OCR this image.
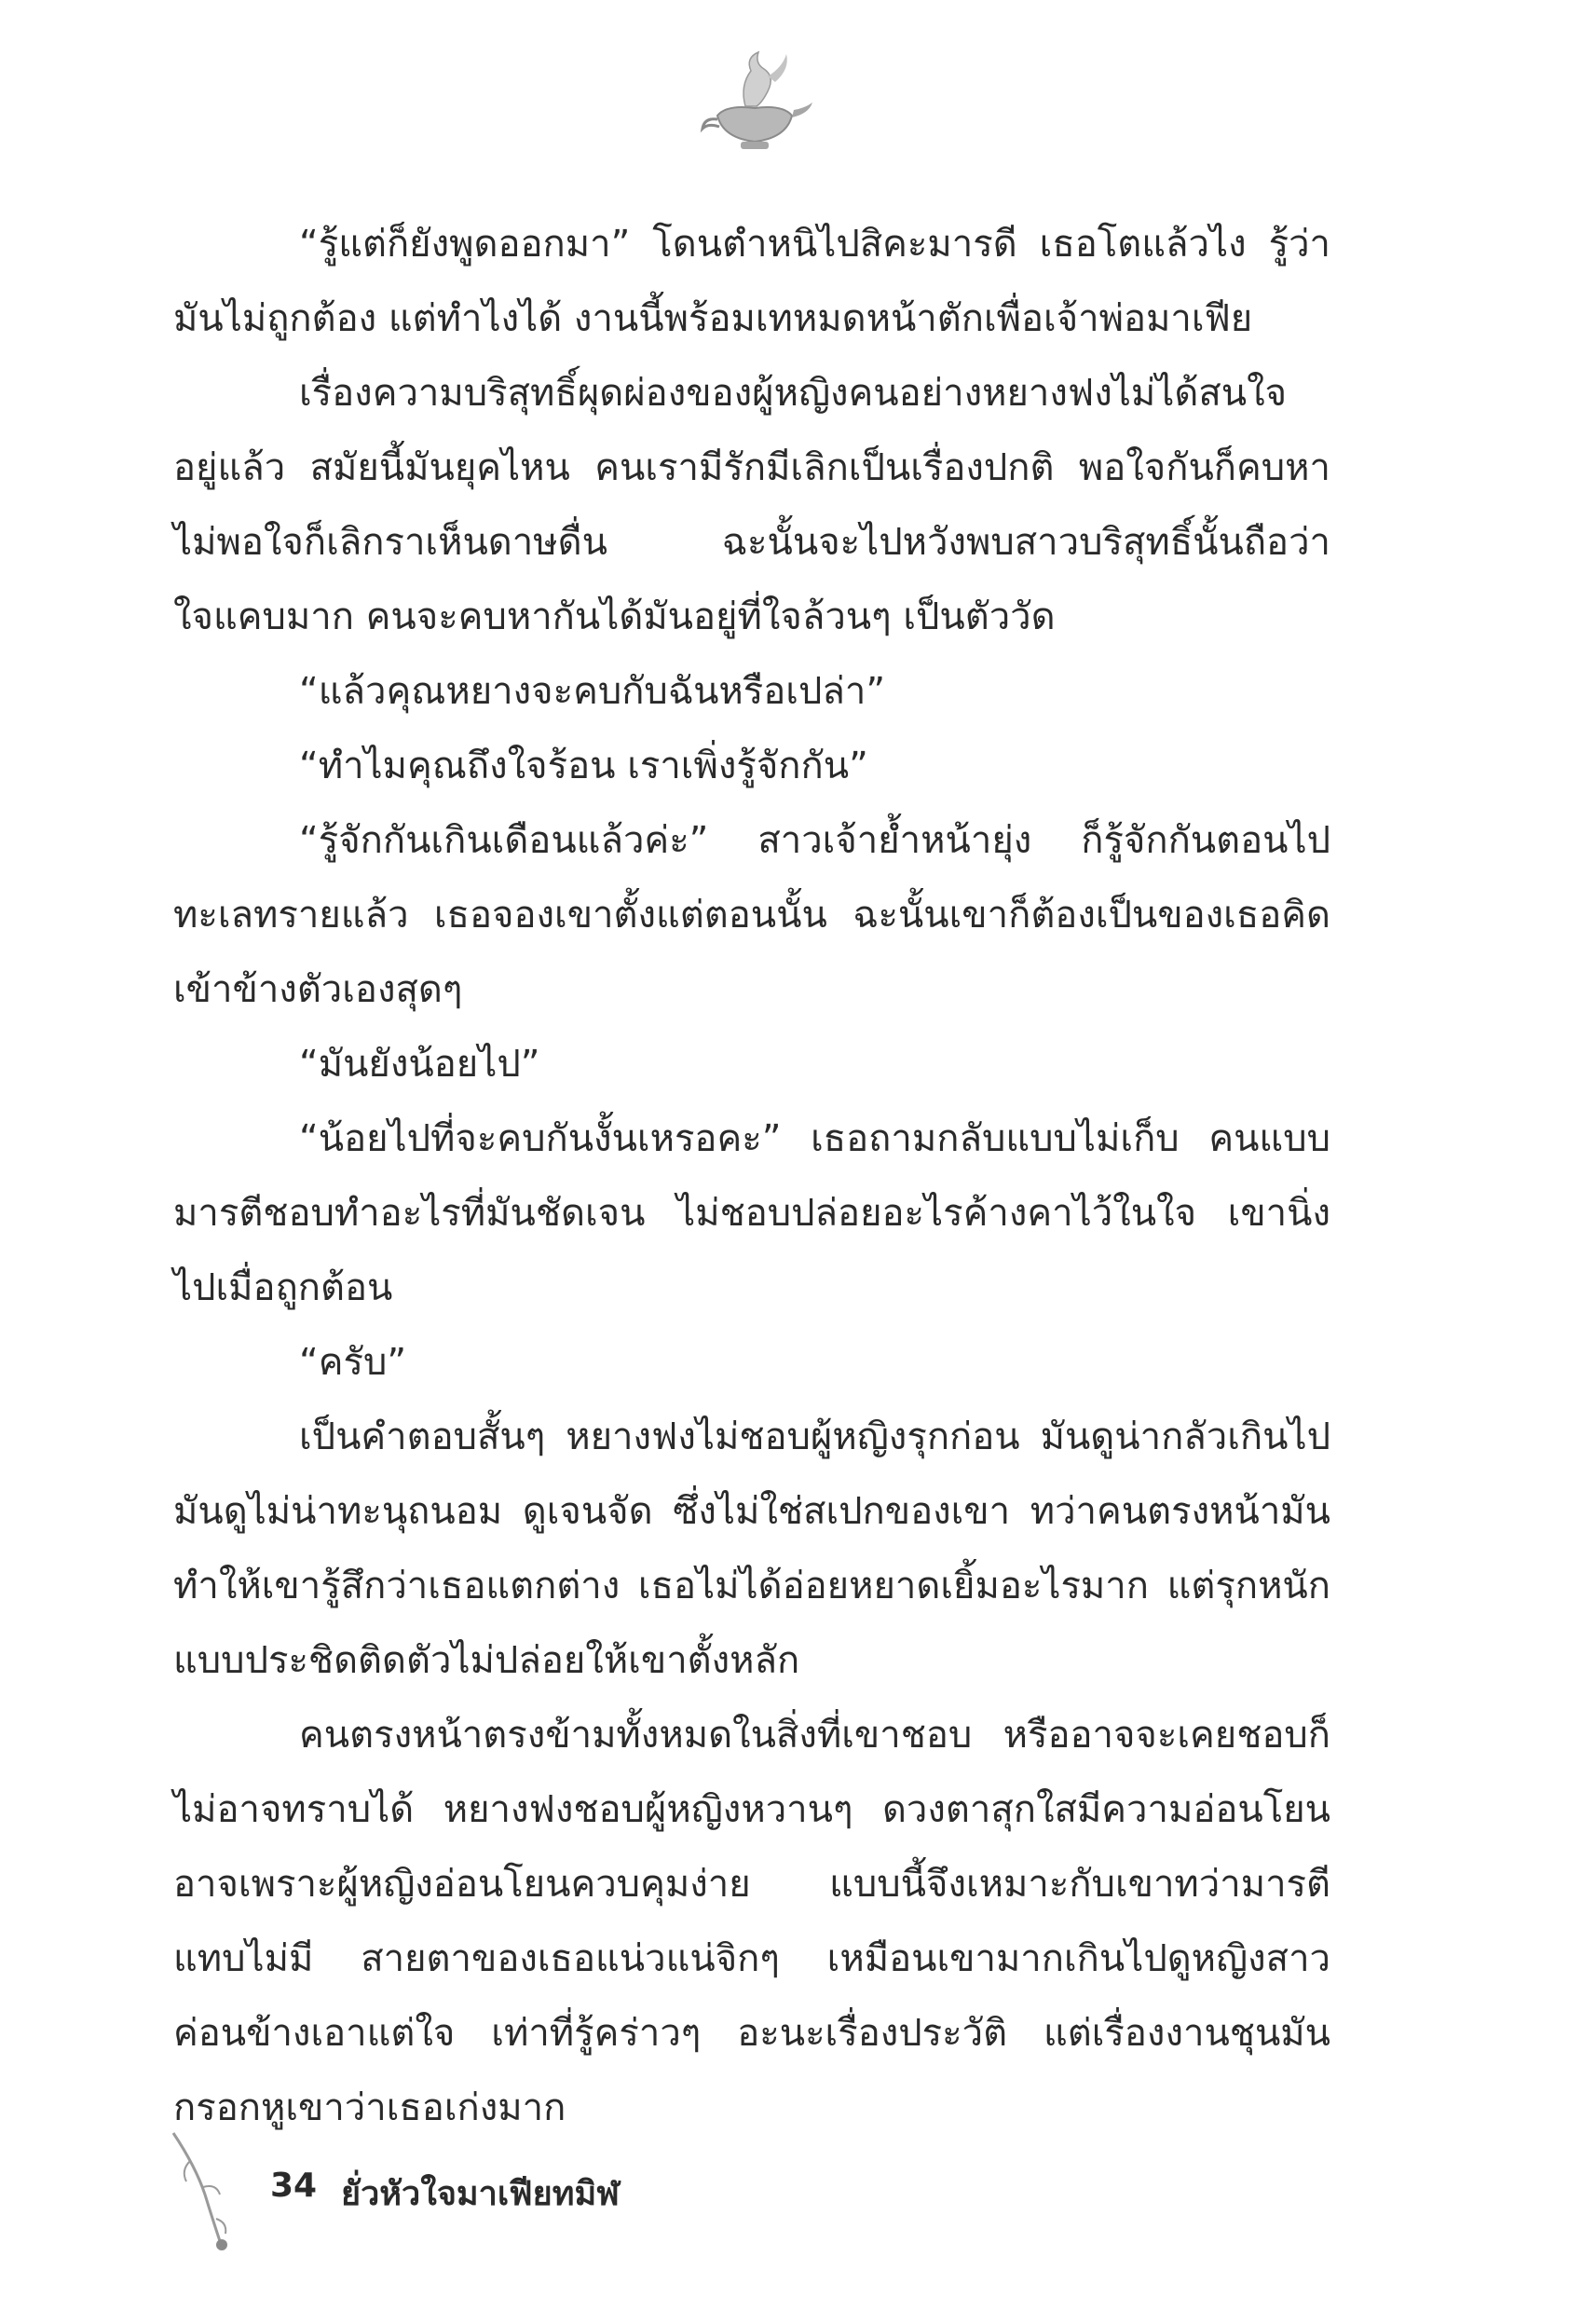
“รู้แต่ก็ยังพูดออกมา” โดนตำหนิไปสิคะมารดี เธอโตแล้วไง รู้ว่ามันไม่ถูกต้อง แต่ทำไงได้ งานนี้พร้อมเทหมดหน้าตักเพื่อเจ้าพ่อมาเฟีย

เรื่องความบริสุทธิ์ผุดผ่องของผู้หญิงคนอย่างหยางฟงไม่ได้สนใจอยู่แล้ว สมัยนี้มันยุคไหน คนเรามีรักมีเลิกเป็นเรื่องปกติ พอใจกันก็คบหา ไม่พอใจก็เลิกราเห็นดาษดื่น ฉะนั้นจะไปหวังพบสาวบริสุทธิ์นั้นถือว่าใจแคบมาก คนจะคบหากันได้มันอยู่ที่ใจล้วนๆ เป็นตัววัด

“แล้วคุณหยางจะคบกับฉันหรือเปล่า”

“ทำไมคุณถึงใจร้อน เราเพิ่งรู้จักกัน”

“รู้จักกันเกินเดือนแล้วค่ะ” สาวเจ้าย้ำหน้ายุ่ง ก็รู้จักกันตอนไปทะเลทรายแล้ว เธอจองเขาตั้งแต่ตอนนั้น ฉะนั้นเขาก็ต้องเป็นของเธอคิดเข้าข้างตัวเองสุดๆ

“มันยังน้อยไป”

“น้อยไปที่จะคบกันงั้นเหรอคะ” เธอถามกลับแบบไม่เก็บ คนแบบมารตีชอบทำอะไรที่มันชัดเจน ไม่ชอบปล่อยอะไรค้างคาไว้ในใจ เขานิ่งไปเมื่อถูกต้อน

“ครับ”

เป็นคำตอบสั้นๆ หยางฟงไม่ชอบผู้หญิงรุกก่อน มันดูน่ากลัวเกินไป มันดูไม่น่าทะนุถนอม ดูเจนจัด ซึ่งไม่ใช่สเปกของเขา ทว่าคนตรงหน้ามันทำให้เขารู้สึกว่าเธอแตกต่าง เธอไม่ได้อ่อยหยาดเยิ้มอะไรมาก แต่รุกหนักแบบประชิดติดตัวไม่ปล่อยให้เขาตั้งหลัก

คนตรงหน้าตรงข้ามทั้งหมดในสิ่งที่เขาชอบ หรืออาจจะเคยชอบก็ไม่อาจทราบได้ หยางฟงชอบผู้หญิงหวานๆ ดวงตาสุกใสมีความอ่อนโยน อาจเพราะผู้หญิงอ่อนโยนควบคุมง่าย แบบนี้จึงเหมาะกับเขาทว่ามารตีแทบไม่มี สายตาของเธอแน่วแน่จิกๆ เหมือนเขามากเกินไปดูหญิงสาวค่อนข้างเอาแต่ใจ เท่าที่รู้คร่าวๆ อะนะเรื่องประวัติ แต่เรื่องงานชุนมันกรอกหูเขาว่าเธอเก่งมาก

34 ยั่วหัวใจมาเฟียทมิฬ
